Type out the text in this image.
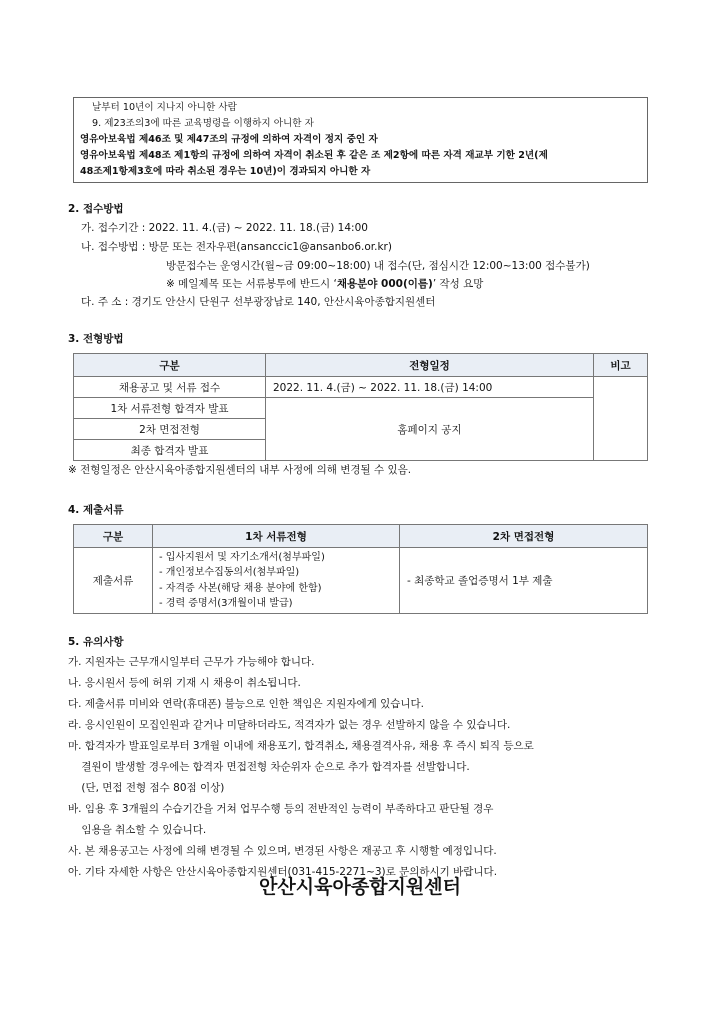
날부터 10년이 지나지 아니한 사람
9. 제23조의3에 따른 교육명령을 이행하지 아니한 자
영유아보육법 제46조 및 제47조의 규정에 의하여 자격이 정지 중인 자
영유아보육법 제48조 제1항의 규정에 의하여 자격이 취소된 후 같은 조 제2항에 따른 자격 재교부 기한 2년(제
48조제1항제3호에 따라 취소된 경우는 10년)이 경과되지 아니한 자
2. 접수방법
가. 접수기간 : 2022. 11. 4.(금) ~ 2022. 11. 18.(금) 14:00
나. 접수방법 : 방문 또는 전자우편(ansanccic1@ansanbo6.or.kr)
방문접수는 운영시간(월~금 09:00~18:00) 내 접수(단, 점심시간 12:00~13:00 접수불가)
※ 메일제목 또는 서류봉투에 반드시 ‘채용분야 000(이름)’ 작성 요망
다. 주 소 : 경기도 안산시 단원구 선부광장남로 140, 안산시육아종합지원센터
3. 전형방법
구분	전형일정	비고
채용공고 및 서류 접수	2022. 11. 4.(금) ~ 2022. 11. 18.(금) 14:00	
1차 서류전형 합격자 발표	홈페이지 공지	
2차 면접전형		
최종 합격자 발표		
※ 전형일정은 안산시육아종합지원센터의 내부 사정에 의해 변경될 수 있음.
4. 제출서류
구분	1차 서류전형	2차 면접전형
제출서류	- 입사지원서 및 자기소개서(첨부파일)
- 개인정보수집동의서(첨부파일)
- 자격증 사본(해당 채용 분야에 한함)
- 경력 증명서(3개월이내 발급)	- 최종학교 졸업증명서 1부 제출
5. 유의사항
가. 지원자는 근무개시일부터 근무가 가능해야 합니다.
나. 응시원서 등에 허위 기재 시 채용이 취소됩니다.
다. 제출서류 미비와 연락(휴대폰) 불능으로 인한 책임은 지원자에게 있습니다.
라. 응시인원이 모집인원과 같거나 미달하더라도, 적격자가 없는 경우 선발하지 않을 수 있습니다.
마. 합격자가 발표일로부터 3개월 이내에 채용포기, 합격취소, 채용결격사유, 채용 후 즉시 퇴직 등으로
결원이 발생할 경우에는 합격자 면접전형 차순위자 순으로 추가 합격자를 선발합니다.
(단, 면접 전형 점수 80점 이상)
바. 임용 후 3개월의 수습기간을 거쳐 업무수행 등의 전반적인 능력이 부족하다고 판단될 경우
임용을 취소할 수 있습니다.
사. 본 채용공고는 사정에 의해 변경될 수 있으며, 변경된 사항은 재공고 후 시행할 예정입니다.
아. 기타 자세한 사항은 안산시육아종합지원센터(031-415-2271~3)로 문의하시기 바랍니다.
안산시육아종합지원센터
